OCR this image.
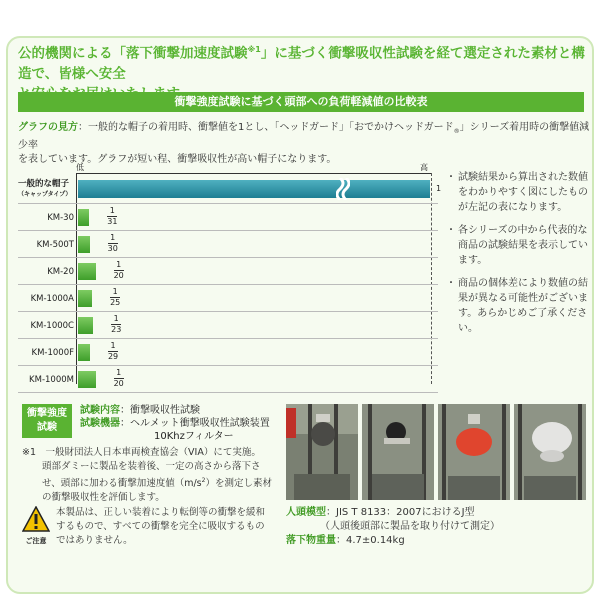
公的機関による「落下衝撃加速度試験$^{※1}$」に基づく衝撃吸収性試験を経て選定された素材と構造で、皆様へ安全

衝撃強度試験に基づく頭部への負荷軽減値の比較表
グラフの見方：一般的な帽子の着用時、衝撃値を1とし、「ヘッドガード」「おでかけヘッドガード$_®$」シリーズ着用時の衝撃値減少率
を表しています。グラフが短い程、衝撃吸収性が高い帽子になります。
低	高
一般的な帽子
（キャップタイプ）
1
KM-30	$\frac{1}{31}$
KM-500T	$\frac{1}{30}$
KM-20	$\frac{1}{20}$
KM-1000A	$\frac{1}{25}$
KM-1000C	$\frac{1}{23}$
KM-1000F	$\frac{1}{29}$
KM-1000M	$\frac{1}{20}$
・ 試験結果から算出された数値をわかりやすく図にしたものが左記の表になります。
・ 各シリーズの中から代表的な商品の試験結果を表示しています。
・ 商品の個体差により数値の結果が異なる可能性がございます。あらかじめご了承ください。
衝撃強度
試験
試験内容：衝撃吸収性試験
試験機器：ヘルメット衝撃吸収性試験装置
10Khzフィルター
※1　 一般財団法人日本車両検査協会（VIA）にて実施。
頭部ダミーに製品を装着後、一定の高さから落下さ
せ、頭部に加わる衝撃加速度値$(m/s^2)$を測定し素材
の衝撃吸収性を評価します。
ご注意
本製品は、正しい装着により転倒等の衝撃を緩和
するもので、すべての衝撃を完全に吸収するもの
ではありません。
人頭模型：JIS T 8133：2007におけるJ型
（人頭後頭部に製品を取り付けて測定）
落下物重量：4.7±0.14kg
